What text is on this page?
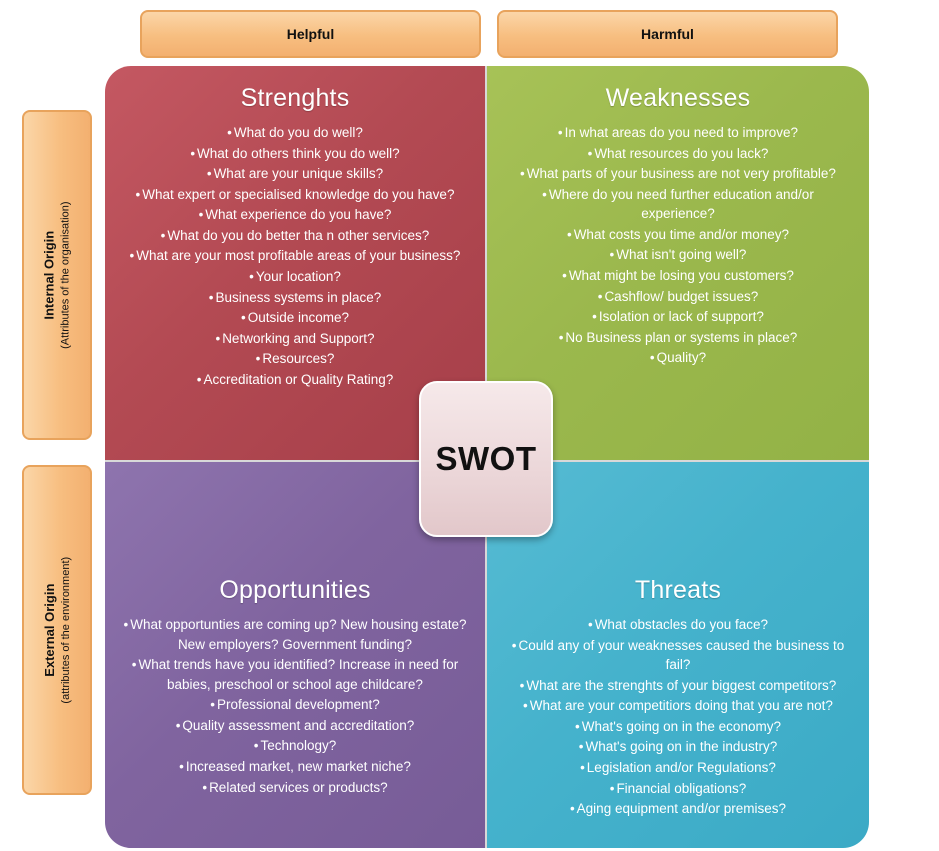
Helpful	Harmful
Internal Origin (Attributes of the organisation)
External Origin (attributes of the environment)
Strenghts
• What do you do well?
• What do others think you do well?
• What are your unique skills?
• What expert or specialised knowledge do you have?
• What experience do you have?
• What do you do better tha n other services?
• What are your most profitable areas of your business?
• Your location?
• Business systems in place?
• Outside income?
• Networking and Support?
• Resources?
• Accreditation or Quality Rating?
Weaknesses
• In what areas do you need to improve?
• What resources do you lack?
• What parts of your business are not very profitable?
• Where do you need further education and/or experience?
• What costs you time and/or money?
• What isn't going well?
• What might be losing you customers?
• Cashflow/ budget issues?
• Isolation or lack of support?
• No Business plan or systems in place?
• Quality?
Opportunities
• What opportunties are coming up? New housing estate? New employers? Government funding?
• What trends have you identified? Increase in need for babies, preschool or school age childcare?
• Professional development?
• Quality assessment and accreditation?
• Technology?
• Increased market, new market niche?
• Related services or products?
Threats
• What obstacles do you face?
• Could any of your weaknesses caused the business to fail?
• What are the strenghts of your biggest competitors?
• What are your competitiors doing that you are not?
• What's going on in the economy?
• What's going on in the industry?
• Legislation and/or Regulations?
• Financial obligations?
• Aging equipment and/or premises?
SWOT
